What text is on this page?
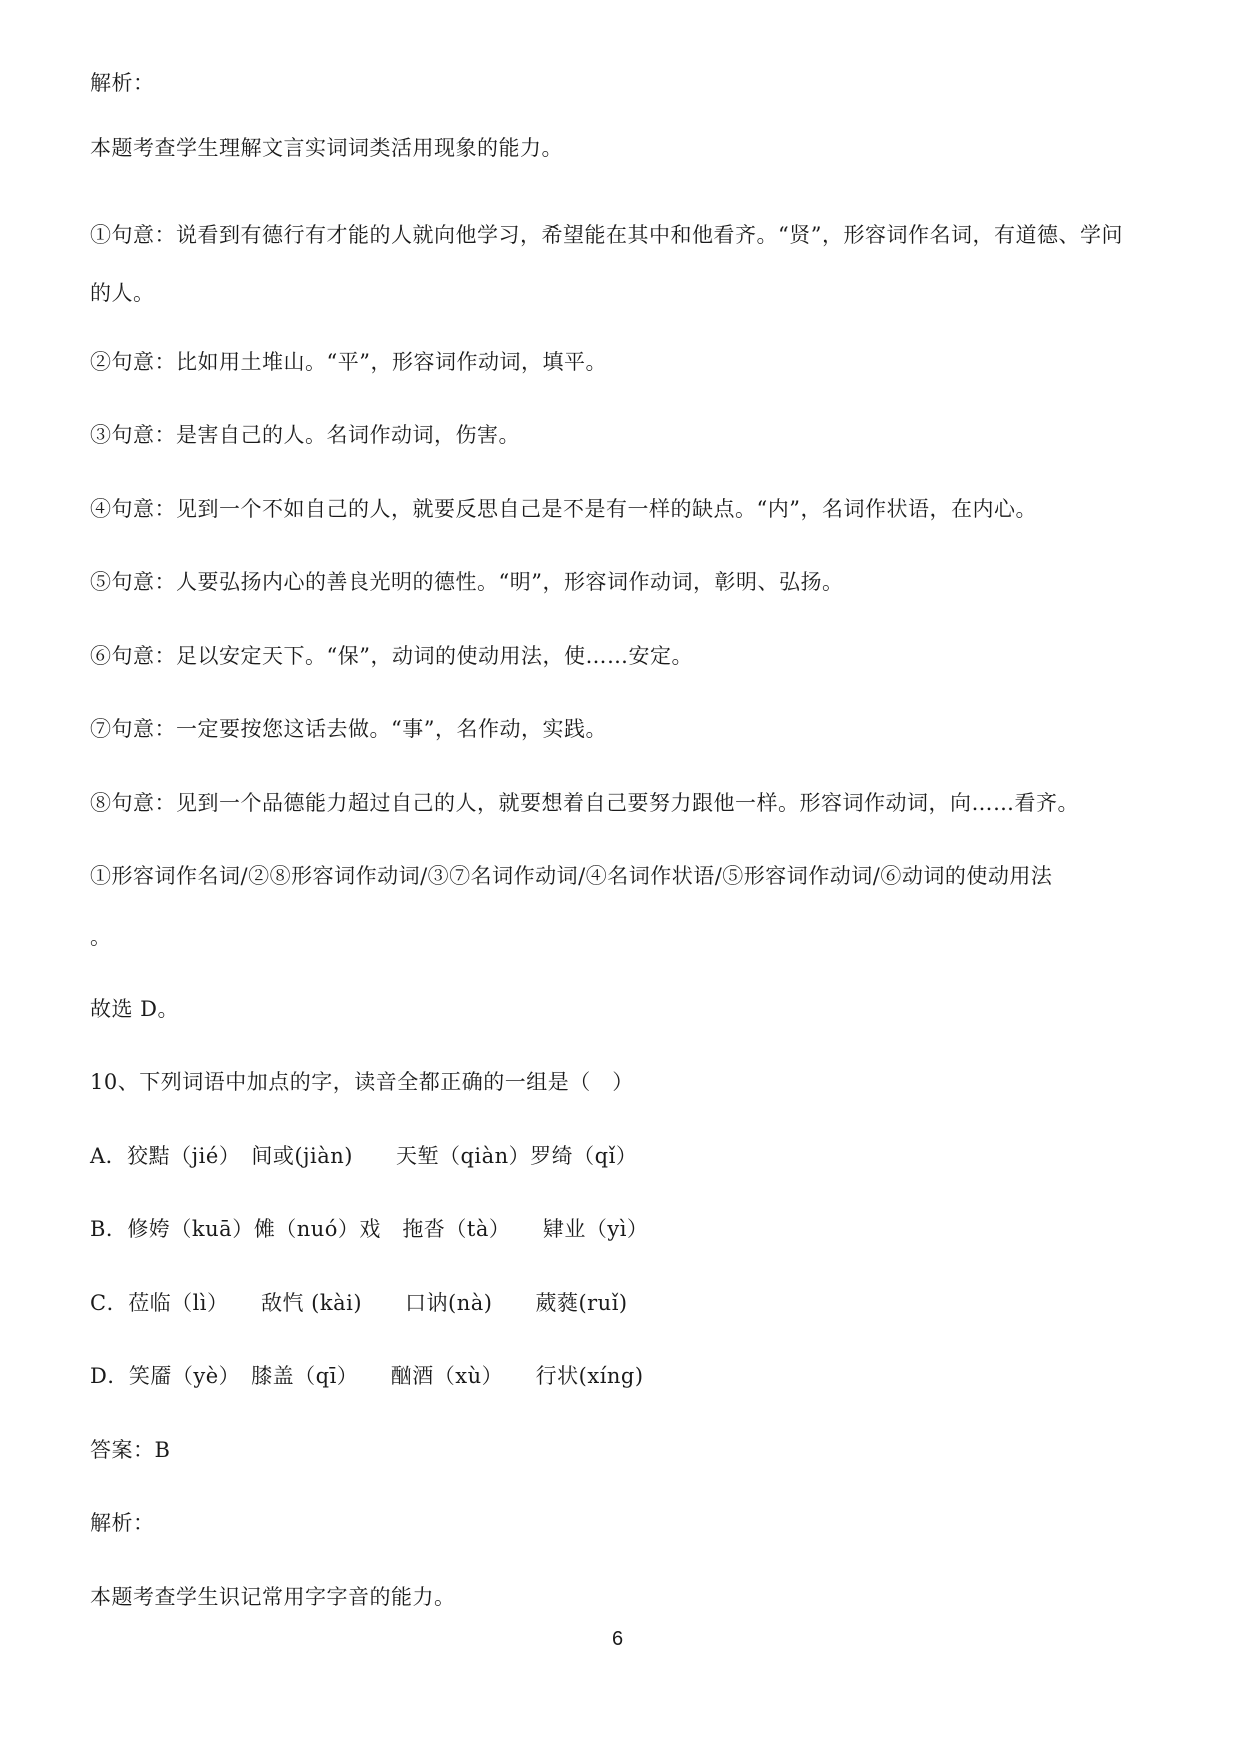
解析：
本题考查学生理解文言实词词类活用现象的能力。
①句意：说看到有德行有才能的人就向他学习，希望能在其中和他看齐。“贤”，形容词作名词，有道德、学问
的人。
②句意：比如用土堆山。“平”，形容词作动词，填平。
③句意：是害自己的人。名词作动词，伤害。
④句意：见到一个不如自己的人，就要反思自己是不是有一样的缺点。“内”，名词作状语，在内心。
⑤句意：人要弘扬内心的善良光明的德性。“明”，形容词作动词，彰明、弘扬。
⑥句意：足以安定天下。“保”，动词的使动用法，使……安定。
⑦句意：一定要按您这话去做。“事”，名作动，实践。
⑧句意：见到一个品德能力超过自己的人，就要想着自己要努力跟他一样。形容词作动词，向……看齐。
①形容词作名词/②⑧形容词作动词/③⑦名词作动词/④名词作状语/⑤形容词作动词/⑥动词的使动用法
。
故选 D。
10、下列词语中加点的字，读音全都正确的一组是（　）
A．狡黠（jié）　间或(jiàn)　　天堑（qiàn）罗绮（qǐ）
B．修姱（kuā）傩（nuó）戏　拖沓（tà）　　肄业（yì）
C．莅临（lì）　　敌忾 (kài)　　口讷(nà)　　葳蕤(ruǐ)
D．笑靥（yè）　膝盖（qī）　　酗酒（xù）　　行状(xíng)
答案：B
解析：
本题考查学生识记常用字字音的能力。
6
